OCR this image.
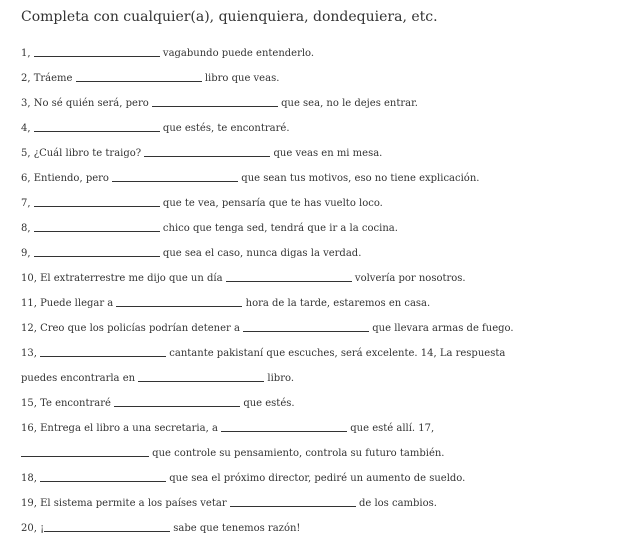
Completa con cualquier(a), quienquiera, dondequiera, etc.
1,	vagabundo puede entenderlo.
2, Tráeme	libro que veas.
3, No sé quién será, pero	que sea, no le dejes entrar.
4,	que estés, te encontraré.
5, ¿Cuál libro te traigo?	que veas en mi mesa.
6, Entiendo, pero	que sean tus motivos, eso no tiene explicación.
7,	que te vea, pensaría que te has vuelto loco.
8,	chico que tenga sed, tendrá que ir a la cocina.
9,	que sea el caso, nunca digas la verdad.
10, El extraterrestre me dijo que un día	volvería por nosotros.
11, Puede llegar a	hora de la tarde, estaremos en casa.
12, Creo que los policías podrían detener a	que llevara armas de fuego.
13,	cantante pakistaní que escuches, será excelente. 14, La respuesta
puedes encontrarla en	libro.
15, Te encontraré	que estés.
16, Entrega el libro a una secretaria, a	que esté allí. 17,
que controle su pensamiento, controla su futuro también.
18,	que sea el próximo director, pediré un aumento de sueldo.
19, El sistema permite a los países vetar	de los cambios.
20, ¡	sabe que tenemos razón!
